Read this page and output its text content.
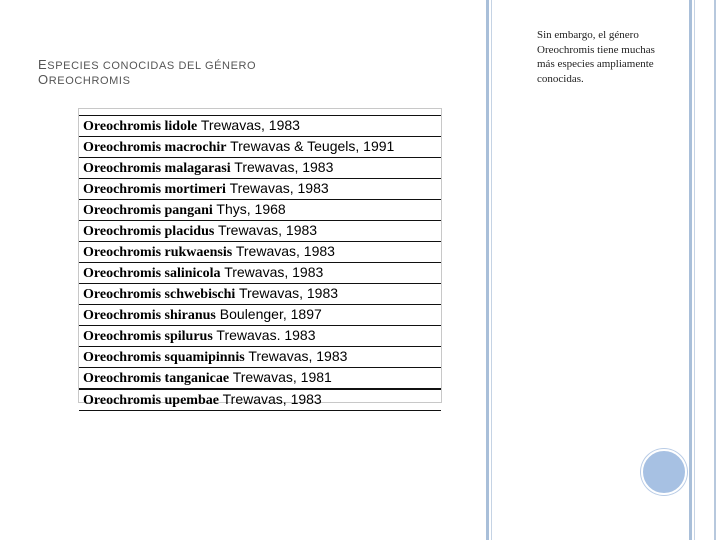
ESPECIES CONOCIDAS DEL GÉNERO
OREOCHROMIS
Oreochromis lidole Trewavas, 1983
Oreochromis macrochir Trewavas & Teugels, 1991
Oreochromis malagarasi Trewavas, 1983
Oreochromis mortimeri Trewavas, 1983
Oreochromis pangani Thys, 1968
Oreochromis placidus Trewavas, 1983
Oreochromis rukwaensis Trewavas, 1983
Oreochromis salinicola Trewavas, 1983
Oreochromis schwebischi Trewavas, 1983
Oreochromis shiranus Boulenger, 1897
Oreochromis spilurus Trewavas. 1983
Oreochromis squamipinnis Trewavas, 1983
Oreochromis tanganicae Trewavas, 1981
Oreochromis upembae Trewavas, 1983
Sin embargo, el género Oreochromis tiene muchas más especies ampliamente conocidas.
